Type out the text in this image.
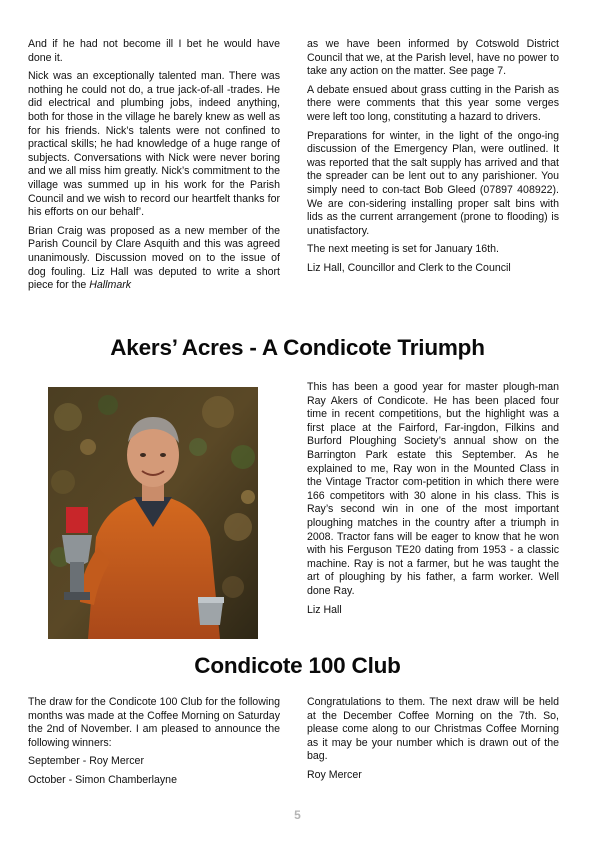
And if he had not become ill I bet he would have done it.

Nick was an exceptionally talented man. There was nothing he could not do, a true jack-of-all -trades. He did electrical and plumbing jobs, indeed anything, both for those in the village he barely knew as well as for his friends. Nick’s talents were not confined to practical skills; he had knowledge of a huge range of subjects. Conversations with Nick were never boring and we all miss him greatly. Nick’s commitment to the village was summed up in his work for the Parish Council and we wish to record our heartfelt thanks for his efforts on our behalf’.

Brian Craig was proposed as a new member of the Parish Council by Clare Asquith and this was agreed unanimously. Discussion moved on to the issue of dog fouling. Liz Hall was deputed to write a short piece for the Hallmark

as we have been informed by Cotswold District Council that we, at the Parish level, have no power to take any action on the matter. See page 7.

A debate ensued about grass cutting in the Parish as there were comments that this year some verges were left too long, constituting a hazard to drivers.

Preparations for winter, in the light of the ongo-ing discussion of the Emergency Plan, were outlined. It was reported that the salt supply has arrived and that the spreader can be lent out to any parishioner. You simply need to con-tact Bob Gleed (07897 408922). We are con-sidering installing proper salt bins with lids as the current arrangement (prone to flooding) is unatisfactory.

The next meeting is set for January 16th.

Liz Hall, Councillor and Clerk to the Council

Akers’ Acres - A Condicote Triumph

This has been a good year for master plough-man Ray Akers of Condicote. He has been placed four time in recent competitions, but the highlight was a first place at the Fairford, Far-ingdon, Filkins and Burford Ploughing Society’s annual show on the Barrington Park estate this September. As he explained to me, Ray won in the Mounted Class in the Vintage Tractor com-petition in which there were 166 competitors with 30 alone in his class. This is Ray’s second win in one of the most important ploughing matches in the country after a triumph in 2008. Tractor fans will be eager to know that he won with his Ferguson TE20 dating from 1953 - a classic machine. Ray is not a farmer, but he was taught the art of ploughing by his father, a farm worker. Well done Ray.

Liz Hall

Condicote 100 Club

The draw for the Condicote 100 Club for the following months was made at the Coffee Morning on Saturday the 2nd of November. I am pleased to announce the following winners:

September - Roy Mercer

October - Simon Chamberlayne

Congratulations to them. The next draw will be held at the December Coffee Morning on the 7th. So, please come along to our Christmas Coffee Morning as it may be your number which is drawn out of the bag.

Roy Mercer

5
